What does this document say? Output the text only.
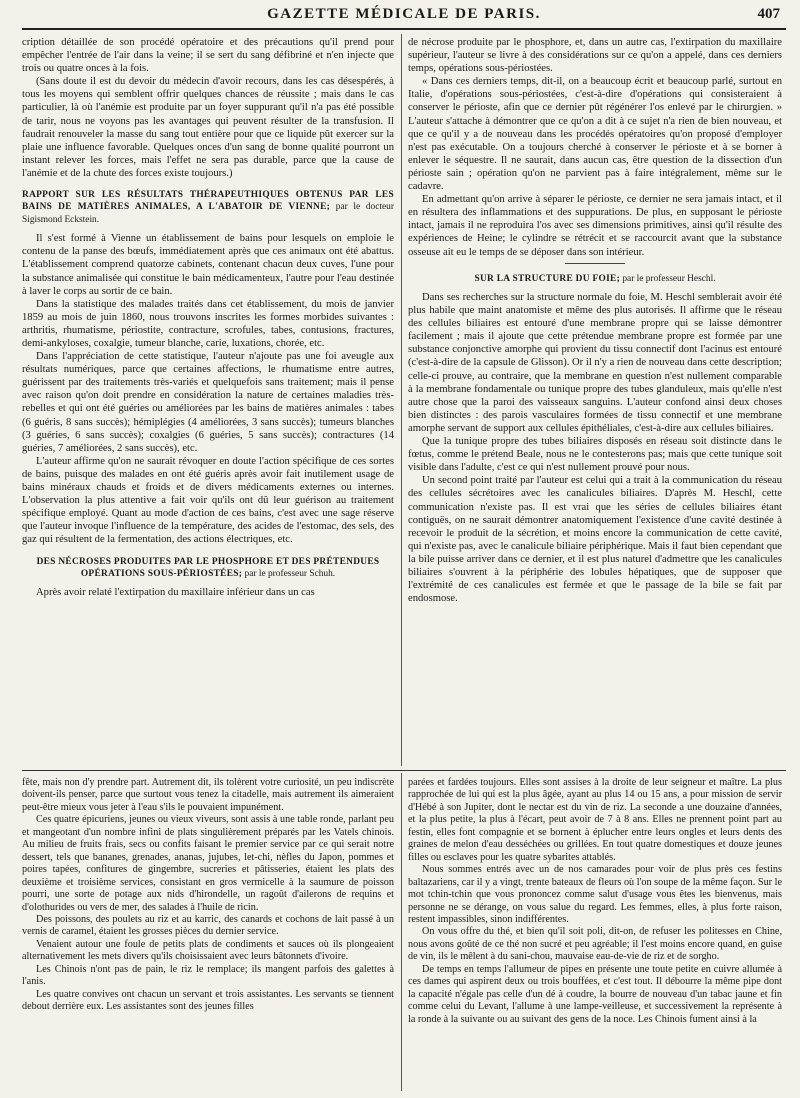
GAZETTE MÉDICALE DE PARIS.	407

cription détaillée de son procédé opératoire et des précautions qu'il prend pour empêcher l'entrée de l'air dans la veine; il se sert du sang défibriné et n'en injecte que trois ou quatre onces à la fois.

(Sans doute il est du devoir du médecin d'avoir recours, dans les cas désespérés, à tous les moyens qui semblent offrir quelques chances de réussite ; mais dans le cas particulier, là où l'anémie est produite par un foyer suppurant qu'il n'a pas été possible de tarir, nous ne voyons pas les avantages qui peuvent résulter de la transfusion. Il faudrait renouveler la masse du sang tout entière pour que ce liquide pût exercer sur la plaie une influence favorable. Quelques onces d'un sang de bonne qualité pourront un instant relever les forces, mais l'effet ne sera pas durable, parce que la cause de l'anémie et de la chute des forces existe toujours.)

RAPPORT SUR LES RÉSULTATS THÉRAPEUTHIQUES OBTENUS PAR LES BAINS DE MATIÈRES ANIMALES, A L'ABATOIR DE VIENNE; par le docteur Sigismond Eckstein.

Il s'est formé à Vienne un établissement de bains pour lesquels on emploie le contenu de la panse des bœufs, immédiatement après que ces animaux ont été abattus. L'établissement comprend quatorze cabinets, contenant chacun deux cuves, l'une pour la substance animalisée qui constitue le bain médicamenteux, l'autre pour l'eau destinée à laver le corps au sortir de ce bain.

Dans la statistique des malades traités dans cet établissement, du mois de janvier 1859 au mois de juin 1860, nous trouvons inscrites les formes morbides suivantes : arthritis, rhumatisme, périostite, contracture, scrofules, tabes, contusions, fractures, demi-ankyloses, coxalgie, tumeur blanche, carie, luxations, chorée, etc.

Dans l'appréciation de cette statistique, l'auteur n'ajoute pas une foi aveugle aux résultats numériques, parce que certaines affections, le rhumatisme entre autres, guérissent par des traitements très-variés et quelquefois sans traitement; mais il pense avec raison qu'on doit prendre en considération la nature de certaines maladies très-rebelles et qui ont été guéries ou améliorées par les bains de matières animales : tabes (6 guéris, 8 sans succès); hémiplégies (4 améliorées, 3 sans succès); tumeurs blanches (3 guéries, 6 sans succès); coxalgies (6 guéries, 5 sans succès); contractures (14 guéries, 7 améliorées, 2 sans succès), etc.

L'auteur affirme qu'on ne saurait révoquer en doute l'action spécifique de ces sortes de bains, puisque des malades en ont été guéris après avoir fait inutilement usage de bains minéraux chauds et froids et de divers médicaments externes ou internes. L'observation la plus attentive a fait voir qu'ils ont dû leur guérison au traitement spécifique employé. Quant au mode d'action de ces bains, c'est avec une sage réserve que l'auteur invoque l'influence de la température, des acides de l'estomac, des sels, des gaz qui résultent de la fermentation, des actions électriques, etc.

DES NÉCROSES PRODUITES PAR LE PHOSPHORE ET DES PRÉTENDUES OPÉRATIONS SOUS-PÉRIOSTÉES; par le professeur Schuh.

Après avoir relaté l'extirpation du maxillaire inférieur dans un cas

de nécrose produite par le phosphore, et, dans un autre cas, l'extirpation du maxillaire supérieur, l'auteur se livre à des considérations sur ce qu'on a appelé, dans ces derniers temps, opérations sous-périostées.

« Dans ces derniers temps, dit-il, on a beaucoup écrit et beaucoup parlé, surtout en Italie, d'opérations sous-périostées, c'est-à-dire d'opérations qui consisteraient à conserver le périoste, afin que ce dernier pût régénérer l'os enlevé par le chirurgien. » L'auteur s'attache à démontrer que ce qu'on a dit à ce sujet n'a rien de bien nouveau, et que ce qu'il y a de nouveau dans les procédés opératoires qu'on proposé d'employer n'est pas exécutable. On a toujours cherché à conserver le périoste et à se borner à enlever le séquestre. Il ne saurait, dans aucun cas, être question de la dissection d'un périoste sain ; opération qu'on ne parvient pas à faire intégralement, même sur le cadavre.

En admettant qu'on arrive à séparer le périoste, ce dernier ne sera jamais intact, et il en résultera des inflammations et des suppurations. De plus, en supposant le périoste intact, jamais il ne reproduira l'os avec ses dimensions primitives, ainsi qu'il résulte des expériences de Heine; le cylindre se rétrécit et se raccourcit avant que la substance osseuse ait eu le temps de se déposer dans son intérieur.

SUR LA STRUCTURE DU FOIE; par le professeur Heschl.

Dans ses recherches sur la structure normale du foie, M. Heschl semblerait avoir été plus habile que maint anatomiste et même des plus autorisés. Il affirme que le réseau des cellules biliaires est entouré d'une membrane propre qui se laisse démontrer facilement ; mais il ajoute que cette prétendue membrane propre est formée par une substance conjonctive amorphe qui provient du tissu connectif dont l'acinus est entouré (c'est-à-dire de la capsule de Glisson). Or il n'y a rien de nouveau dans cette description; celle-ci prouve, au contraire, que la membrane en question n'est nullement comparable à la membrane fondamentale ou tunique propre des tubes glanduleux, mais qu'elle n'est autre chose que la paroi des vaisseaux sanguins. L'auteur confond ainsi deux choses bien distinctes : des parois vasculaires formées de tissu connectif et une membrane amorphe servant de support aux cellules épithéliales, c'est-à-dire aux cellules biliaires.

Que la tunique propre des tubes biliaires disposés en réseau soit distincte dans le fœtus, comme le prétend Beale, nous ne le contesterons pas; mais que cette tunique soit visible dans l'adulte, c'est ce qui n'est nullement prouvé pour nous.

Un second point traité par l'auteur est celui qui a trait à la communication du réseau des cellules sécrétoires avec les canalicules biliaires. D'après M. Heschl, cette communication n'existe pas. Il est vrai que les séries de cellules biliaires étant contiguës, on ne saurait démontrer anatomiquement l'existence d'une cavité destinée à recevoir le produit de la sécrétion, et moins encore la communication de cette cavité, qui n'existe pas, avec le canalicule biliaire périphérique. Mais il faut bien cependant que la bile puisse arriver dans ce dernier, et il est plus naturel d'admettre que les canalicules biliaires s'ouvrent à la périphérie des lobules hépatiques, que de supposer que l'extrémité de ces canalicules est fermée et que le passage de la bile se fait par endosmose.

fête, mais non d'y prendre part. Autrement dit, ils tolèrent votre curiosité, un peu indiscrète doivent-ils penser, parce que surtout vous tenez la citadelle, mais autrement ils aimeraient peut-être mieux vous jeter à l'eau s'ils le pouvaient impunément.

Ces quatre épicuriens, jeunes ou vieux viveurs, sont assis à une table ronde, parlant peu et mangeotant d'un nombre infini de plats singulièrement préparés par les Vatels chinois. Au milieu de fruits frais, secs ou confits faisant le premier service par ce qui serait notre dessert, tels que bananes, grenades, ananas, jujubes, let-chi, nèfles du Japon, pommes et poires tapées, confitures de gingembre, sucreries et pâtisseries, étaient les plats des deuxième et troisième services, consistant en gros vermicelle à la saumure de poisson pourri, une sorte de potage aux nids d'hirondelle, un ragoût d'ailerons de requins et d'olothurides ou vers de mer, des salades à l'huile de ricin.

Des poissons, des poulets au riz et au karric, des canards et cochons de lait passé à un vernis de caramel, étaient les grosses pièces du dernier service.

Venaient autour une foule de petits plats de condiments et sauces où ils plongeaient alternativement les mets divers qu'ils choisissaient avec leurs bâtonnets d'ivoire.

Les Chinois n'ont pas de pain, le riz le remplace; ils mangent parfois des galettes à l'anis.

Les quatre convives ont chacun un servant et trois assistantes. Les servants se tiennent debout derrière eux. Les assistantes sont des jeunes filles

parées et fardées toujours. Elles sont assises à la droite de leur seigneur et maître. La plus rapprochée de lui qui est la plus âgée, ayant au plus 14 ou 15 ans, a pour mission de servir d'Hébé à son Jupiter, dont le nectar est du vin de riz. La seconde a une douzaine d'années, et la plus petite, la plus à l'écart, peut avoir de 7 à 8 ans. Elles ne prennent point part au festin, elles font compagnie et se bornent à éplucher entre leurs ongles et leurs dents des graines de melon d'eau desséchées ou grillées. En tout quatre domestiques et douze jeunes filles ou esclaves pour les quatre sybarites attablés.

Nous sommes entrés avec un de nos camarades pour voir de plus près ces festins baltazariens, car il y a vingt, trente bateaux de fleurs où l'on soupe de la même façon. Sur le mot tchin-tchin que vous prononcez comme salut d'usage vous êtes les bienvenus, mais personne ne se dérange, on vous salue du regard. Les femmes, elles, à plus forte raison, restent impassibles, sinon indifférentes.

On vous offre du thé, et bien qu'il soit poli, dit-on, de refuser les politesses en Chine, nous avons goûté de ce thé non sucré et peu agréable; il l'est moins encore quand, en guise de vin, ils le mêlent à du sani-chou, mauvaise eau-de-vie de riz et de sorgho.

De temps en temps l'allumeur de pipes en présente une toute petite en cuivre allumée à ces dames qui aspirent deux ou trois bouffées, et c'est tout. Il débourre la même pipe dont la capacité n'égale pas celle d'un dé à coudre, la bourre de nouveau d'un tabac jaune et fin comme celui du Levant, l'allume à une lampe-veilleuse, et successivement la représente à la ronde à la suivante ou au suivant des gens de la noce. Les Chinois fument ainsi à la
